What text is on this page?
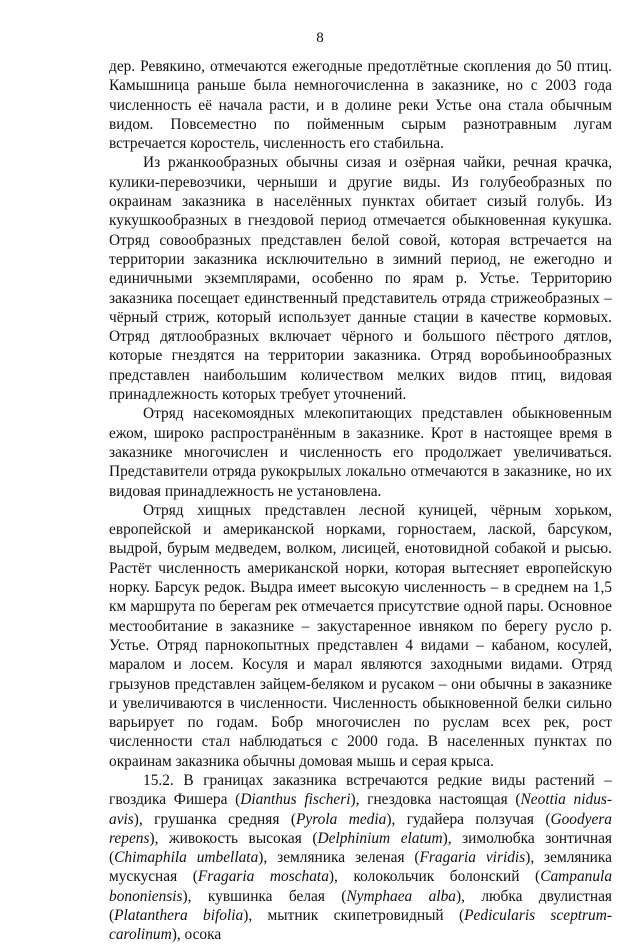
8

дер. Ревякино, отмечаются ежегодные предотлётные скопления до 50 птиц. Камышница раньше была немногочисленна в заказнике, но с 2003 года численность её начала расти, и в долине реки Устье она стала обычным видом. Повсеместно по пойменным сырым разнотравным лугам встречается коростель, численность его стабильна.

Из ржанкообразных обычны сизая и озёрная чайки, речная крачка, кулики-перевозчики, черныши и другие виды. Из голубеобразных по окраинам заказника в населённых пунктах обитает сизый голубь. Из кукушкообразных в гнездовой период отмечается обыкновенная кукушка. Отряд совообразных представлен белой совой, которая встречается на территории заказника исключительно в зимний период, не ежегодно и единичными экземплярами, особенно по ярам р. Устье. Территорию заказника посещает единственный представитель отряда стрижеобразных – чёрный стриж, который использует данные стации в качестве кормовых. Отряд дятлообразных включает чёрного и большого пёстрого дятлов, которые гнездятся на территории заказника. Отряд воробьинообразных представлен наибольшим количеством мелких видов птиц, видовая принадлежность которых требует уточнений.

Отряд насекомоядных млекопитающих представлен обыкновенным ежом, широко распространённым в заказнике. Крот в настоящее время в заказнике многочислен и численность его продолжает увеличиваться. Представители отряда рукокрылых локально отмечаются в заказнике, но их видовая принадлежность не установлена.

Отряд хищных представлен лесной куницей, чёрным хорьком, европейской и американской норками, горностаем, лаской, барсуком, выдрой, бурым медведем, волком, лисицей, енотовидной собакой и рысью. Растёт численность американской норки, которая вытесняет европейскую норку. Барсук редок. Выдра имеет высокую численность – в среднем на 1,5 км маршрута по берегам рек отмечается присутствие одной пары. Основное местообитание в заказнике – закустаренное ивняком по берегу русло р. Устье. Отряд парнокопытных представлен 4 видами – кабаном, косулей, маралом и лосем. Косуля и марал являются заходными видами. Отряд грызунов представлен зайцем-беляком и русаком – они обычны в заказнике и увеличиваются в численности. Численность обыкновенной белки сильно варьирует по годам. Бобр многочислен по руслам всех рек, рост численности стал наблюдаться с 2000 года. В населенных пунктах по окраинам заказника обычны домовая мышь и серая крыса.

15.2. В границах заказника встречаются редкие виды растений – гвоздика Фишера (Dianthus fischeri), гнездовка настоящая (Neottia nidus-avis), грушанка средняя (Pyrola media), гудайера ползучая (Goodyera repens), живокость высокая (Delphinium elatum), зимолюбка зонтичная (Chimaphila umbellata), земляника зеленая (Fragaria viridis), земляника мускусная (Fragaria moschata), колокольчик болонский (Campanula bononiensis), кувшинка белая (Nymphaea alba), любка двулистная (Platanthera bifolia), мытник скипетровидный (Pedicularis sceptrum-carolinum), осока
